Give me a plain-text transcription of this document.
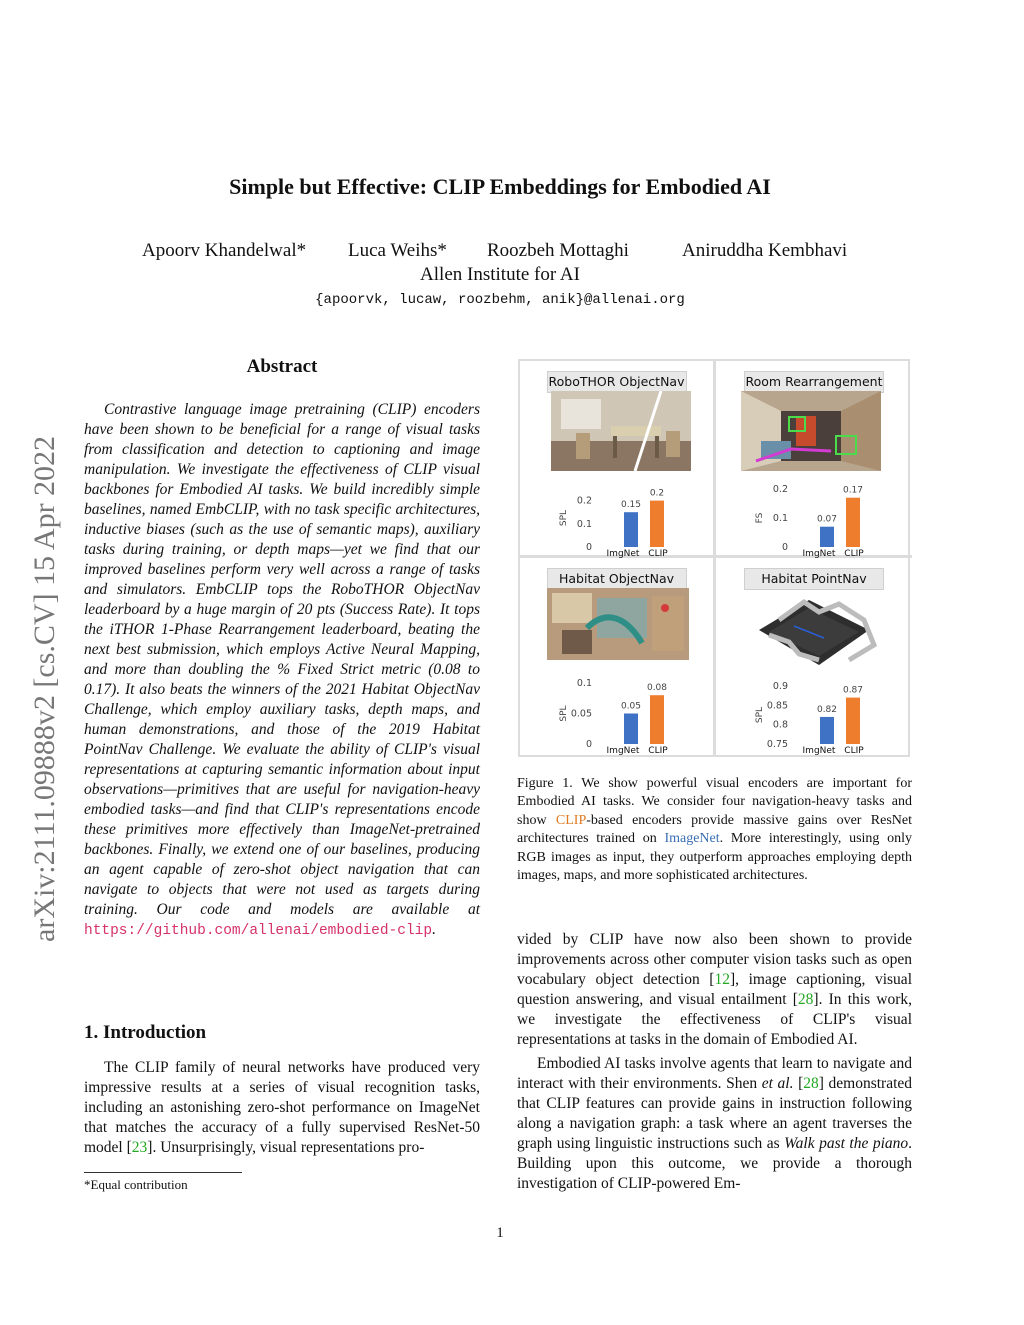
Simple but Effective: CLIP Embeddings for Embodied AI
Apoorv Khandelwal* Luca Weihs* Roozbeh Mottaghi	Aniruddha Kembhavi
Allen Institute for AI
{apoorvk, lucaw, roozbehm, anik}@allenai.org
arXiv:2111.09888v2 [cs.CV] 15 Apr 2022
Abstract

Contrastive language image pretraining (CLIP) encoders have been shown to be beneficial for a range of visual tasks from classification and detection to captioning and image manipulation. We investigate the effectiveness of CLIP visual backbones for Embodied AI tasks. We build incredibly simple baselines, named EmbCLIP, with no task specific architectures, inductive biases (such as the use of semantic maps), auxiliary tasks during training, or depth maps—yet we find that our improved baselines perform very well across a range of tasks and simulators. EmbCLIP tops the RoboTHOR ObjectNav leaderboard by a huge margin of 20 pts (Success Rate). It tops the iTHOR 1-Phase Rearrangement leaderboard, beating the next best submission, which employs Active Neural Mapping, and more than doubling the % Fixed Strict metric (0.08 to 0.17). It also beats the winners of the 2021 Habitat ObjectNav Challenge, which employ auxiliary tasks, depth maps, and human demonstrations, and those of the 2019 Habitat PointNav Challenge. We evaluate the ability of CLIP's visual representations at capturing semantic information about input observations—primitives that are useful for navigation-heavy embodied tasks—and find that CLIP's representations encode these primitives more effectively than ImageNet-pretrained backbones. Finally, we extend one of our baselines, producing an agent capable of zero-shot object navigation that can navigate to objects that were not used as targets during training. Our code and models are available at https://github.com/allenai/embodied-clip.

1. Introduction

The CLIP family of neural networks have produced very impressive results at a series of visual recognition tasks, including an astonishing zero-shot performance on ImageNet that matches the accuracy of a fully supervised ResNet-50 model [23]. Unsurprisingly, visual representations pro-

*Equal contribution
1
RoboTHOR ObjectNav
0
0.1
0.2
SPL
0.15
0.2
ImgNet CLIP
Room Rearrangement
0
0.1
0.2
FS	0.07
0.17
ImgNet CLIP
Habitat ObjectNav
0
0.05
0.1
SPL	0.05
0.08
ImgNet CLIP
Habitat PointNav
0.75
0.8
0.85
0.9
SPL	0.82
0.87
ImgNet CLIP

Figure 1. We show powerful visual encoders are important for Embodied AI tasks. We consider four navigation-heavy tasks and show CLIP-based encoders provide massive gains over ResNet architectures trained on ImageNet. More interestingly, using only RGB images as input, they outperform approaches employing depth images, maps, and more sophisticated architectures.

vided by CLIP have now also been shown to provide improvements across other computer vision tasks such as open vocabulary object detection [12], image captioning, visual question answering, and visual entailment [28]. In this work, we investigate the effectiveness of CLIP's visual representations at tasks in the domain of Embodied AI.

Embodied AI tasks involve agents that learn to navigate and interact with their environments. Shen et al. [28] demonstrated that CLIP features can provide gains in instruction following along a navigation graph: a task where an agent traverses the graph using linguistic instructions such as Walk past the piano. Building upon this outcome, we provide a thorough investigation of CLIP-powered Em-
